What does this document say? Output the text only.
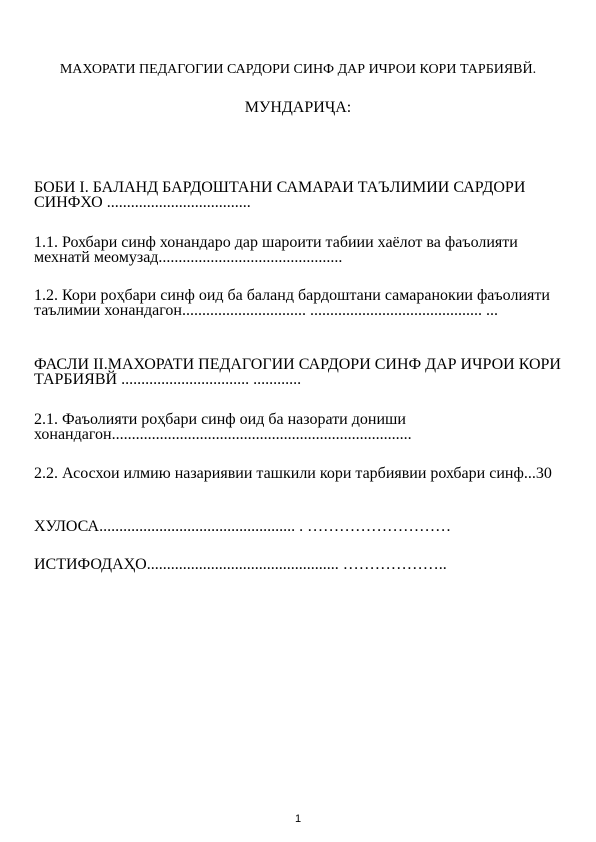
МАХОРАТИ ПЕДАГОГИИ САРДОРИ СИНФ ДАР ИЧРОИ КОРИ ТАРБИЯВЙ.
МУНДАРИҶА:
БОБИ I. БАЛАНД БАРДОШТАНИ САМАРАИ ТАЪЛИМИИ САРДОРИ СИНФХО ....................................
1.1. Рохбари синф хонандаро дар шароити табиии хаёлот ва фаъолияти мехнатй меомузад..............................................
1.2. Кори роҳбари синф оид ба баланд бардоштани самаранокии фаъолияти таълимии хонандагон............................... ........................................... ...
ФАСЛИ II.МАХОРАТИ ПЕДАГОГИИ САРДОРИ СИНФ ДАР ИЧРОИ КОРИ ТАРБИЯВЙ ................................ ............
2.1. Фаъолияти роҳбари синф оид ба назорати дониши хонандагон...........................................................................
2.2. Асосхои илмию назариявии ташкили кори тарбиявии рохбари синф...30
ХУЛОСА................................................. . ………………………
ИСТИФОДАҲО................................................ ………………..
1
